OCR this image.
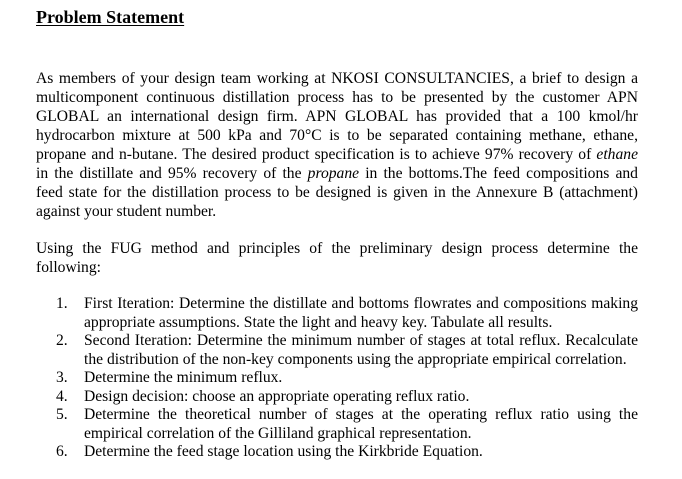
Problem Statement
As members of your design team working at NKOSI CONSULTANCIES, a brief to design a
multicomponent continuous distillation process has to be presented by the customer APN
GLOBAL an international design firm. APN GLOBAL has provided that a 100 kmol/hr
hydrocarbon mixture at 500 kPa and 70°C is to be separated containing methane, ethane,
propane and n-butane. The desired product specification is to achieve 97% recovery of ethane
in the distillate and 95% recovery of the propane in the bottoms.The feed compositions and
feed state for the distillation process to be designed is given in the Annexure B (attachment)
against your student number.
Using the FUG method and principles of the preliminary design process determine the
following:
1. First Iteration: Determine the distillate and bottoms flowrates and compositions making
appropriate assumptions. State the light and heavy key. Tabulate all results.
2. Second Iteration: Determine the minimum number of stages at total reflux. Recalculate
the distribution of the non-key components using the appropriate empirical correlation.
3. Determine the minimum reflux.
4. Design decision: choose an appropriate operating reflux ratio.
5. Determine the theoretical number of stages at the operating reflux ratio using the
empirical correlation of the Gilliland graphical representation.
6. Determine the feed stage location using the Kirkbride Equation.
